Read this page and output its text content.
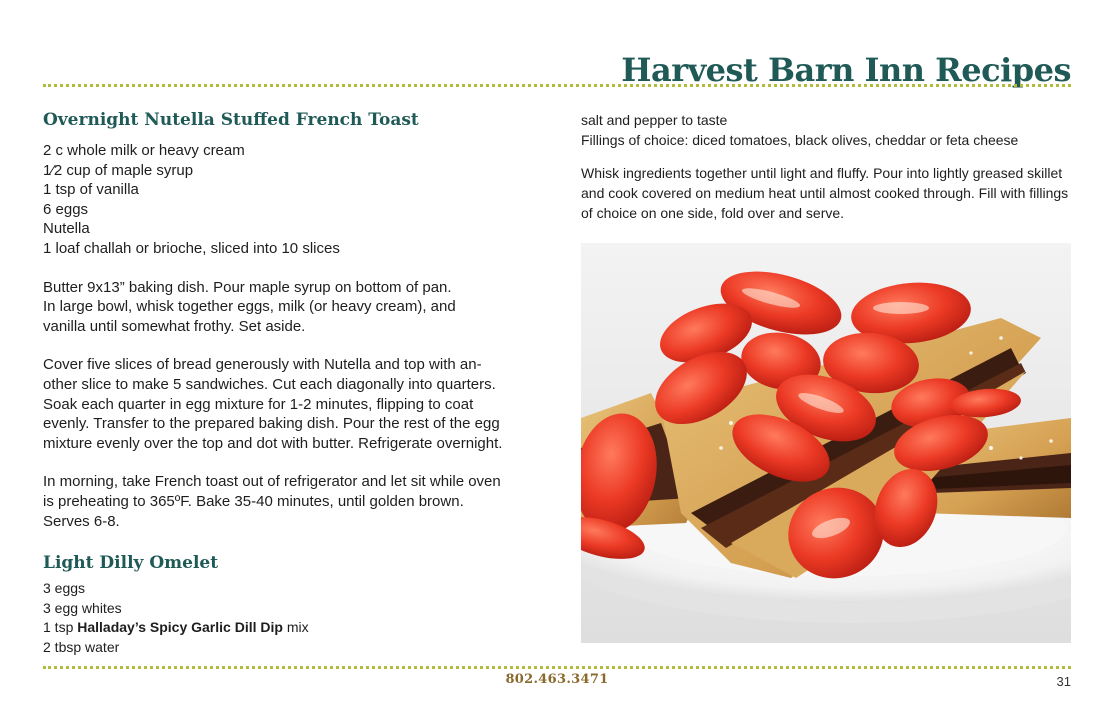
Harvest Barn Inn Recipes
Overnight Nutella Stuffed French Toast
2 c whole milk or heavy cream
1⁄2 cup of maple syrup
1 tsp of vanilla
6 eggs
Nutella
1 loaf challah or brioche, sliced into 10 slices

Butter 9x13” baking dish. Pour maple syrup on bottom of pan.
In large bowl, whisk together eggs, milk (or heavy cream), and
vanilla until somewhat frothy. Set aside.

Cover five slices of bread generously with Nutella and top with an-
other slice to make 5 sandwiches. Cut each diagonally into quarters.
Soak each quarter in egg mixture for 1-2 minutes, flipping to coat
evenly. Transfer to the prepared baking dish. Pour the rest of the egg
mixture evenly over the top and dot with butter. Refrigerate overnight.

In morning, take French toast out of refrigerator and let sit while oven
is preheating to 365ºF. Bake 35-40 minutes, until golden brown.
Serves 6-8.

Light Dilly Omelet
3 eggs
3 egg whites
1 tsp Halladay’s Spicy Garlic Dill Dip mix
2 tbsp water
salt and pepper to taste
Fillings of choice: diced tomatoes, black olives, cheddar or feta cheese

Whisk ingredients together until light and fluffy. Pour into lightly greased skillet
and cook covered on medium heat until almost cooked through. Fill with fillings
of choice on one side, fold over and serve.

802.463.3471	31
